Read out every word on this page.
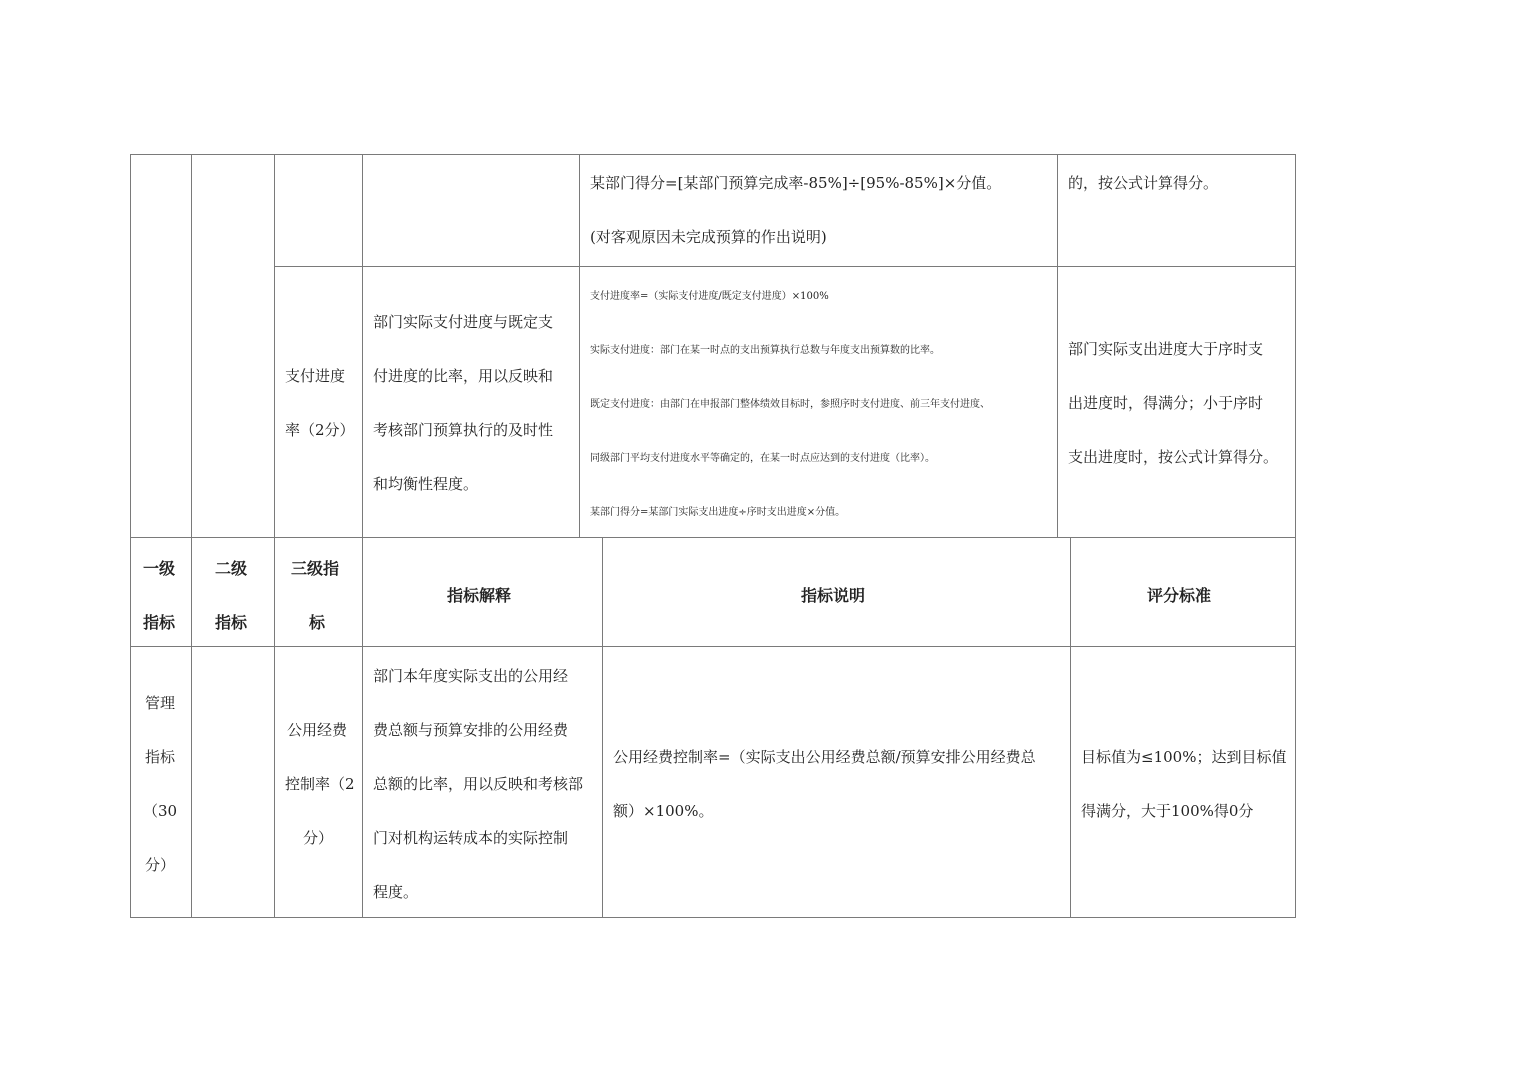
某部门得分=[某部门预算完成率-85%]÷[95%-85%]×分值。
(对客观原因未完成预算的作出说明)
的，按公式计算得分。
支付进度
率（2分）
部门实际支付进度与既定支
付进度的比率，用以反映和
考核部门预算执行的及时性
和均衡性程度。
支付进度率=（实际支付进度/既定支付进度）×100%
实际支付进度：部门在某一时点的支出预算执行总数与年度支出预算数的比率。
既定支付进度：由部门在申报部门整体绩效目标时，参照序时支付进度、前三年支付进度、
同级部门平均支付进度水平等确定的，在某一时点应达到的支付进度（比率）。
某部门得分=某部门实际支出进度÷序时支出进度×分值。
部门实际支出进度大于序时支
出进度时，得满分；小于序时
支出进度时，按公式计算得分。
一级
指标
二级
指标
三级指
标
指标解释	指标说明	评分标准
管理
指标
（30
分）
公用经费
控制率（2
分）
部门本年度实际支出的公用经
费总额与预算安排的公用经费
总额的比率，用以反映和考核部
门对机构运转成本的实际控制
程度。
公用经费控制率=（实际支出公用经费总额/预算安排公用经费总
额）×100%。
目标值为≤100%；达到目标值
得满分，大于100%得0分
